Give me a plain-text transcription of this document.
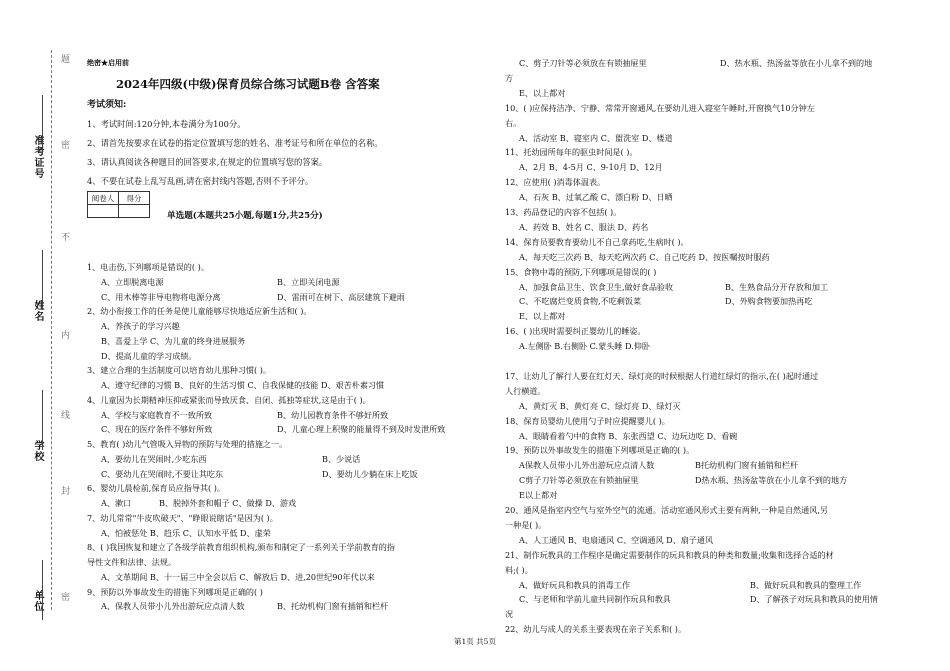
题
准考证号
姓名
学校
单位
密
不
内
线
封
密
绝密★启用前
2024年四级(中级)保育员综合练习试题B卷 含答案
考试须知:
1、考试时间:120分钟,本卷满分为100分。
2、请首先按要求在试卷的指定位置填写您的姓名、准考证号和所在单位的名称。
3、请认真阅读各种题目的回答要求,在规定的位置填写您的答案。
4、不要在试卷上乱写乱画,请在密封线内答题,否则不予评分。
阅卷人	得分

单选题(本题共25小题,每题1分,共25分)
1、电击伤,下列哪项是错误的( )。
A、立即脱离电源	B、立即关闭电源
C、用木棒等非导电物将电源分离	D、雷雨可在树下、高层建筑下避雨
2、幼小衔接工作的任务是使儿童能够尽快地适应新生活和( )。
A、养孩子的学习兴趣
B、喜爱上学 C、为儿童的终身进展服务
D、提高儿童的学习成绩。
3、建立合理的生活制度可以培育幼儿那种习惯( )。
A、遵守纪律的习惯 B、良好的生活习惯 C、自我保健的技能 D、艰苦朴素习惯
4、儿童因为长期精神压抑或紧张而导致厌食、自闭、孤独等症状,这是由于( )。
A、学校与家庭教育不一致所致	B、幼儿园教育条件不够好所致
C、现在的医疗条件不够好所致	D、儿童心理上积聚的能量得不到及时发泄所致
5、教育( )幼儿气管吸入异物的预防与处理的措施之一。
A、要幼儿在哭闹时,少吃东西	B、少说话
C、要幼儿在哭闹时,不要让其吃东	D、要幼儿少躺在床上吃饭
6、婴幼儿晨检前,保育员应指导其( )。
A、漱口	B、脱掉外套和帽子 C、做操 D、游戏
7、幼儿常常"牛皮吹破天"、"睁眼说瞎话"是因为( )。
A、怕被惩处 B、趋乐 C、认知水平低 D、虚荣
8、( )我国恢复和建立了各级学前教育组织机构,颁布和制定了一系列关于学前教育的指
导性文件和法律、法规。
A、文革期间 B、十一届三中全会以后 C、解放后 D、进,20世纪90年代以来
9、预防以外事故发生的措施下列哪项是正确的( )
A、保教人员带小儿外出游玩应点清人数	B、托幼机构门窗有插销和栏杆
C、剪子刀针等必须放在有锁抽屉里	D、热水瓶、热汤盆等放在小儿拿不到的地
方
E、以上都对
10、( )应保持洁净、宁静、常常开窗通风,在要幼儿进入寝室午睡时,开窗换气10分钟左
右。
A、活动室 B、寝室内 C、盥洗室 D、楼道
11、托幼园所每年的驱虫时间是( )。
A、2月 B、4-5月 C、9-10月 D、12月
12、应使用( )消毒体温表。
A、石灰 B、过氧乙酸 C、漂白粉 D、日晒
13、药品登记的内容不包括( )。
A、药效 B、姓名 C、服法 D、药名
14、保育员要教育要幼儿不自己拿药吃,生病时( )。
A、每天吃三次药 B、每天吃两次药 C、自己吃药 D、按医嘱按时服药
15、食物中毒的预防,下列哪项是错误的( )
A、加强食品卫生、饮食卫生,做好食品验收	B、生熟食品分开存放和加工
C、不吃腐烂变质食物,不吃剩饭菜	D、外购食物要加热再吃
E、以上都对
16、( )出现时需要纠正婴幼儿的睡姿。
A.左侧卧 B.右侧卧 C.蒙头睡 D.仰卧
17、让幼儿了解行人要在红灯天、绿灯亮的时候根据人行道红绿灯的指示,在( )起时通过
人行横道。
A、黄灯灭 B、黄灯亮 C、绿灯亮 D、绿灯灭
18、保育员婴幼儿使用勺子时应提醒婴儿( )。
A、眼睛看着勺中的食物 B、东张西望 C、边玩边吃 D、看碗
19、预防以外事故发生的措施下列哪项是正确的( )。
A保教人员带小儿外出游玩应点清人数	B托幼机构门窗有插销和栏杆
C剪子刀针等必须放在有锁抽屉里	D热水瓶、热汤盆等放在小儿拿不到的地方
E以上都对
20、通风是指室内空气与室外空气的流通。活动室通风形式主要有两种,一种是自然通风,另
一种是( )。
A、人工通风 B、电扇通风 C、空调通风 D、扇子通风
21、制作玩教具的工作程序是确定需要制作的玩具和教具的种类和数量;收集和选择合适的材
料;( )。
A、做好玩具和教具的消毒工作	B、做好玩具和教具的整理工作
C、与老师和学前儿童共同制作玩具和教具	D、了解孩子对玩具和教具的使用情
况
22、幼儿与成人的关系主要表现在亲子关系和( )。
第1页 共5页
